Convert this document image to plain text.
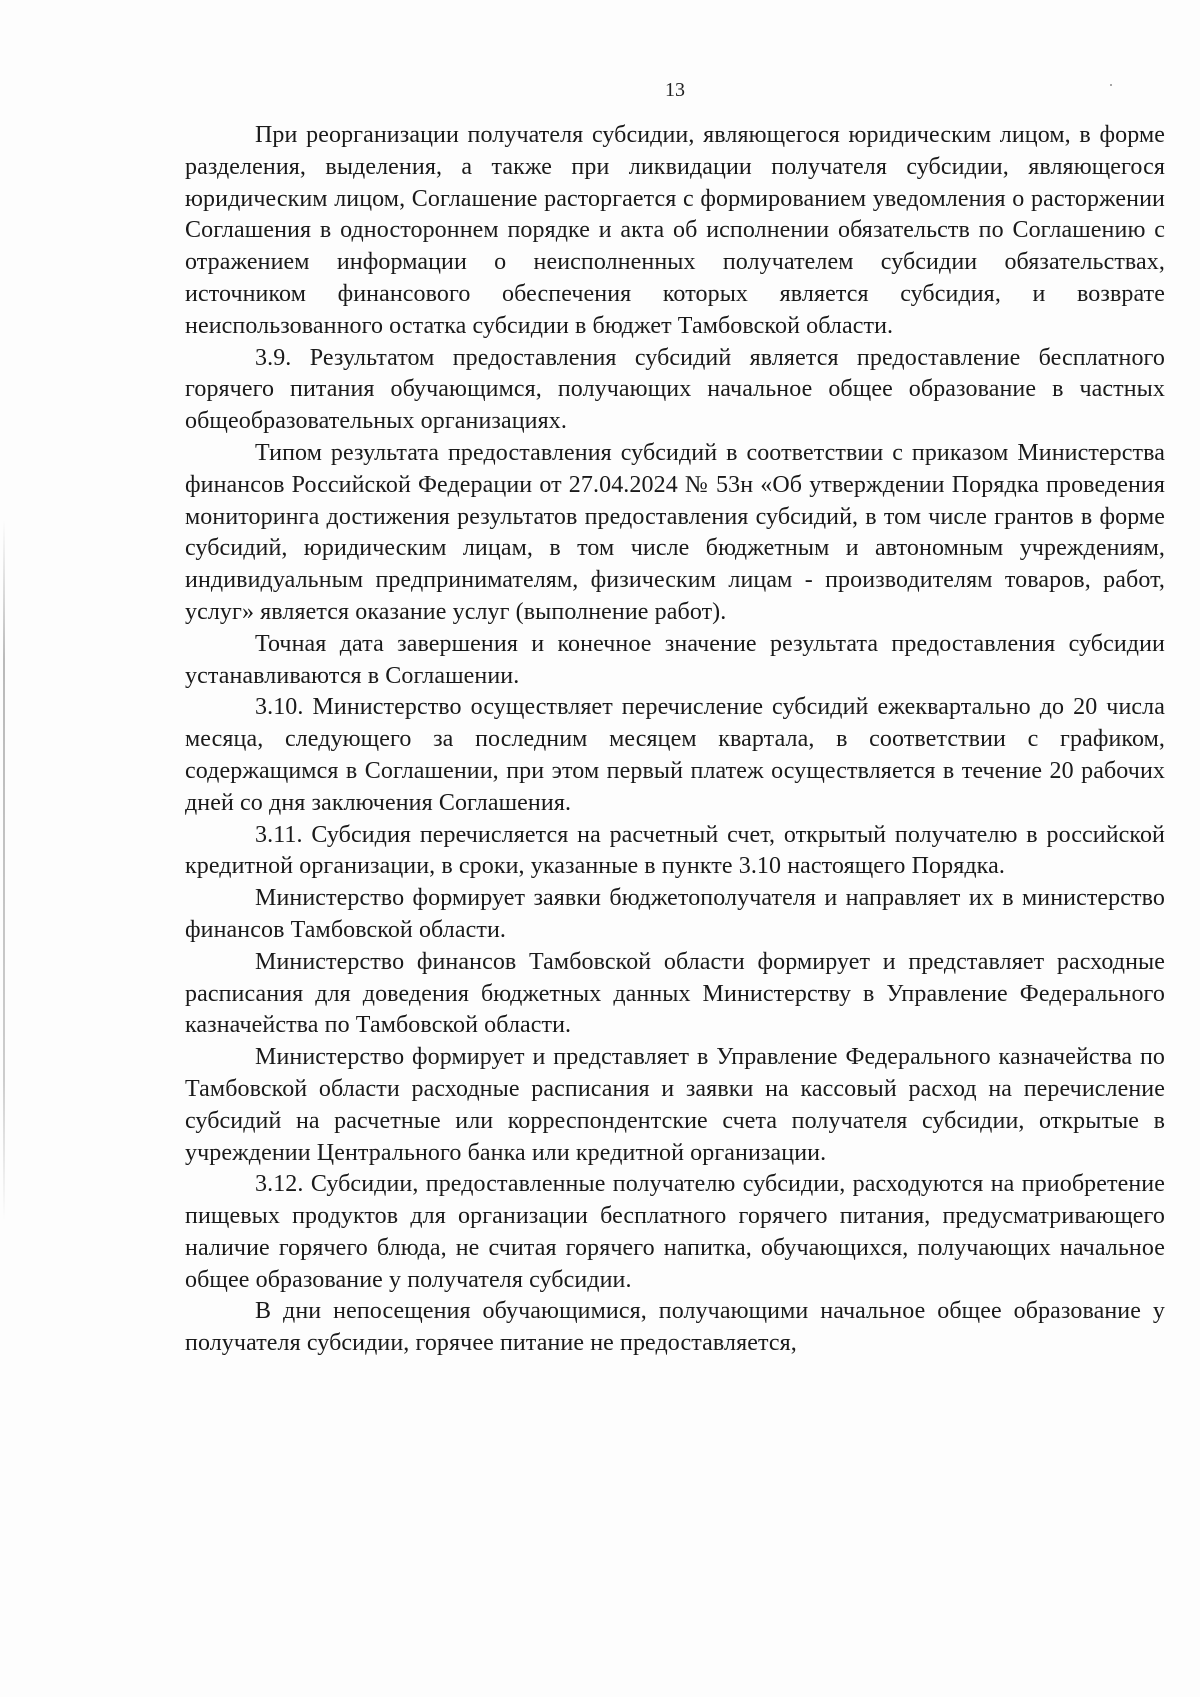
13

При реорганизации получателя субсидии, являющегося юридическим лицом, в форме разделения, выделения, а также при ликвидации получателя субсидии, являющегося юридическим лицом, Соглашение расторгается с формированием уведомления о расторжении Соглашения в одностороннем порядке и акта об исполнении обязательств по Соглашению с отражением информации о неисполненных получателем субсидии обязательствах, источником финансового обеспечения которых является субсидия, и возврате неиспользованного остатка субсидии в бюджет Тамбовской области.

3.9. Результатом предоставления субсидий является предоставление бесплатного горячего питания обучающимся, получающих начальное общее образование в частных общеобразовательных организациях.

Типом результата предоставления субсидий в соответствии с приказом Министерства финансов Российской Федерации от 27.04.2024 № 53н «Об утверждении Порядка проведения мониторинга достижения результатов предоставления субсидий, в том числе грантов в форме субсидий, юридическим лицам, в том числе бюджетным и автономным учреждениям, индивидуальным предпринимателям, физическим лицам - производителям товаров, работ, услуг» является оказание услуг (выполнение работ).

Точная дата завершения и конечное значение результата предоставления субсидии устанавливаются в Соглашении.

3.10. Министерство осуществляет перечисление субсидий ежеквартально до 20 числа месяца, следующего за последним месяцем квартала, в соответствии с графиком, содержащимся в Соглашении, при этом первый платеж осуществляется в течение 20 рабочих дней со дня заключения Соглашения.

3.11. Субсидия перечисляется на расчетный счет, открытый получателю в российской кредитной организации, в сроки, указанные в пункте 3.10 настоящего Порядка.

Министерство формирует заявки бюджетополучателя и направляет их в министерство финансов Тамбовской области.

Министерство финансов Тамбовской области формирует и представляет расходные расписания для доведения бюджетных данных Министерству в Управление Федерального казначейства по Тамбовской области.

Министерство формирует и представляет в Управление Федерального казначейства по Тамбовской области расходные расписания и заявки на кассовый расход на перечисление субсидий на расчетные или корреспондентские счета получателя субсидии, открытые в учреждении Центрального банка или кредитной организации.

3.12. Субсидии, предоставленные получателю субсидии, расходуются на приобретение пищевых продуктов для организации бесплатного горячего питания, предусматривающего наличие горячего блюда, не считая горячего напитка, обучающихся, получающих начальное общее образование у получателя субсидии.

В дни непосещения обучающимися, получающими начальное общее образование у получателя субсидии, горячее питание не предоставляется,
